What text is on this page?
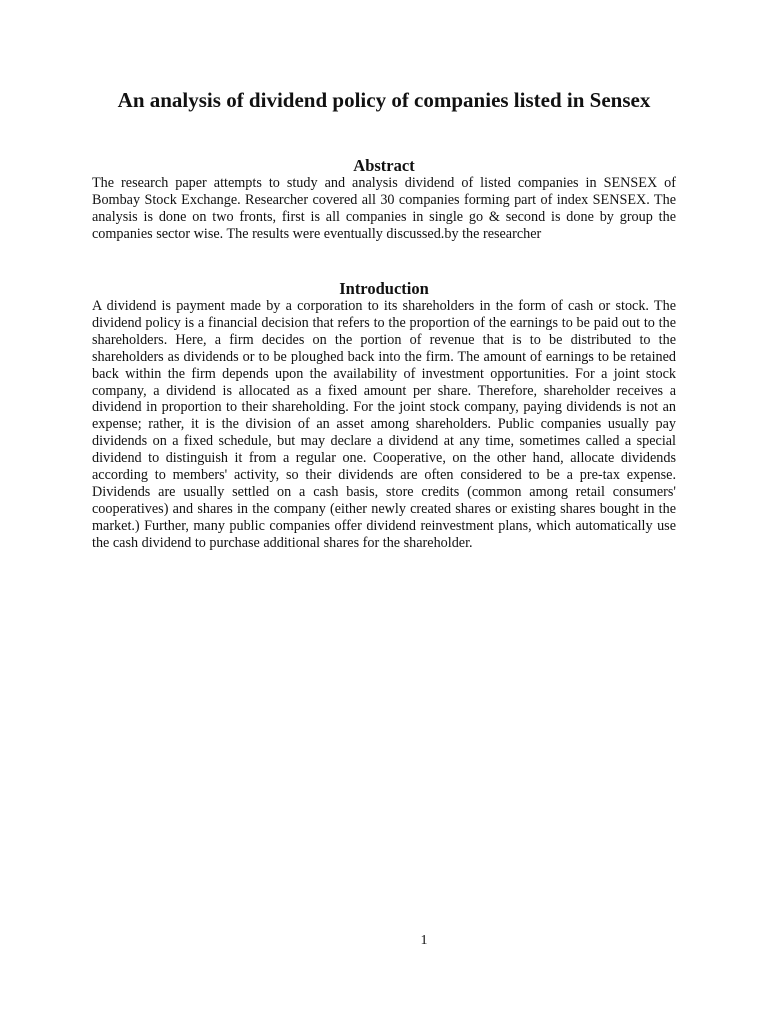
An analysis of dividend policy of companies listed in Sensex
Abstract

The research paper attempts to study and analysis dividend of listed companies in SENSEX of Bombay Stock Exchange. Researcher covered all 30 companies forming part of index SENSEX. The analysis is done on two fronts, first is all companies in single go & second is done by group the companies sector wise. The results were eventually discussed.by the researcher

Introduction

A dividend is payment made by a corporation to its shareholders in the form of cash or stock. The dividend policy is a financial decision that refers to the proportion of the earnings to be paid out to the shareholders. Here, a firm decides on the portion of revenue that is to be distributed to the shareholders as dividends or to be ploughed back into the firm. The amount of earnings to be retained back within the firm depends upon the availability of investment opportunities. For a joint stock company, a dividend is allocated as a fixed amount per share. Therefore, shareholder receives a dividend in proportion to their shareholding. For the joint stock company, paying dividends is not an expense; rather, it is the division of an asset among shareholders. Public companies usually pay dividends on a fixed schedule, but may declare a dividend at any time, sometimes called a special dividend to distinguish it from a regular one. Cooperative, on the other hand, allocate dividends according to members' activity, so their dividends are often considered to be a pre-tax expense. Dividends are usually settled on a cash basis, store credits (common among retail consumers' cooperatives) and shares in the company (either newly created shares or existing shares bought in the market.) Further, many public companies offer dividend reinvestment plans, which automatically use the cash dividend to purchase additional shares for the shareholder.

1
